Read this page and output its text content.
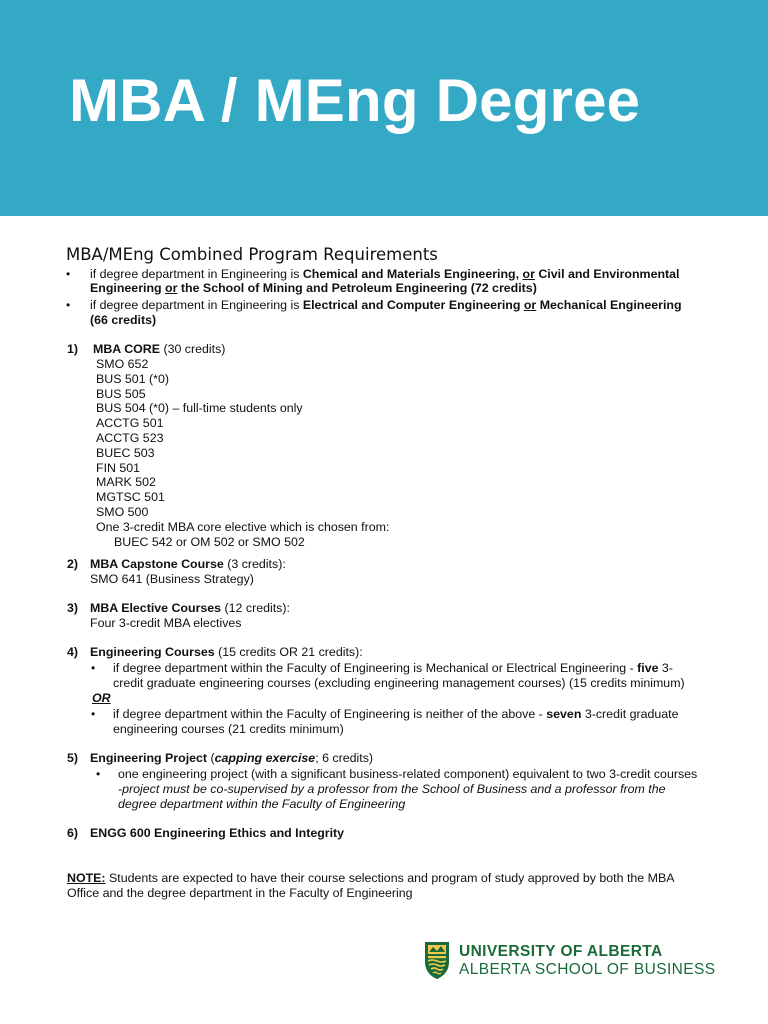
MBA / MEng Degree
MBA/MEng Combined Program Requirements
• if degree department in Engineering is Chemical and Materials Engineering, or Civil and Environmental
Engineering or the School of Mining and Petroleum Engineering (72 credits)
• if degree department in Engineering is Electrical and Computer Engineering or Mechanical Engineering
(66 credits)
1) MBA CORE (30 credits)
SMO 652
BUS 501 (*0)
BUS 505
BUS 504 (*0) – full-time students only
ACCTG 501
ACCTG 523
BUEC 503
FIN 501
MARK 502
MGTSC 501
SMO 500
One 3-credit MBA core elective which is chosen from:
BUEC 542 or OM 502 or SMO 502
2) MBA Capstone Course (3 credits):
SMO 641 (Business Strategy)
3) MBA Elective Courses (12 credits):
Four 3-credit MBA electives
4) Engineering Courses (15 credits OR 21 credits):
• if degree department within the Faculty of Engineering is Mechanical or Electrical Engineering - five 3-
credit graduate engineering courses (excluding engineering management courses) (15 credits minimum)
OR
• if degree department within the Faculty of Engineering is neither of the above - seven 3-credit graduate
engineering courses (21 credits minimum)
5) Engineering Project (capping exercise; 6 credits)
• one engineering project (with a significant business-related component) equivalent to two 3-credit courses
-project must be co-supervised by a professor from the School of Business and a professor from the
degree department within the Faculty of Engineering
6) ENGG 600 Engineering Ethics and Integrity
NOTE: Students are expected to have their course selections and program of study approved by both the MBA
Office and the degree department in the Faculty of Engineering
UNIVERSITY OF ALBERTA
ALBERTA SCHOOL OF BUSINESS
